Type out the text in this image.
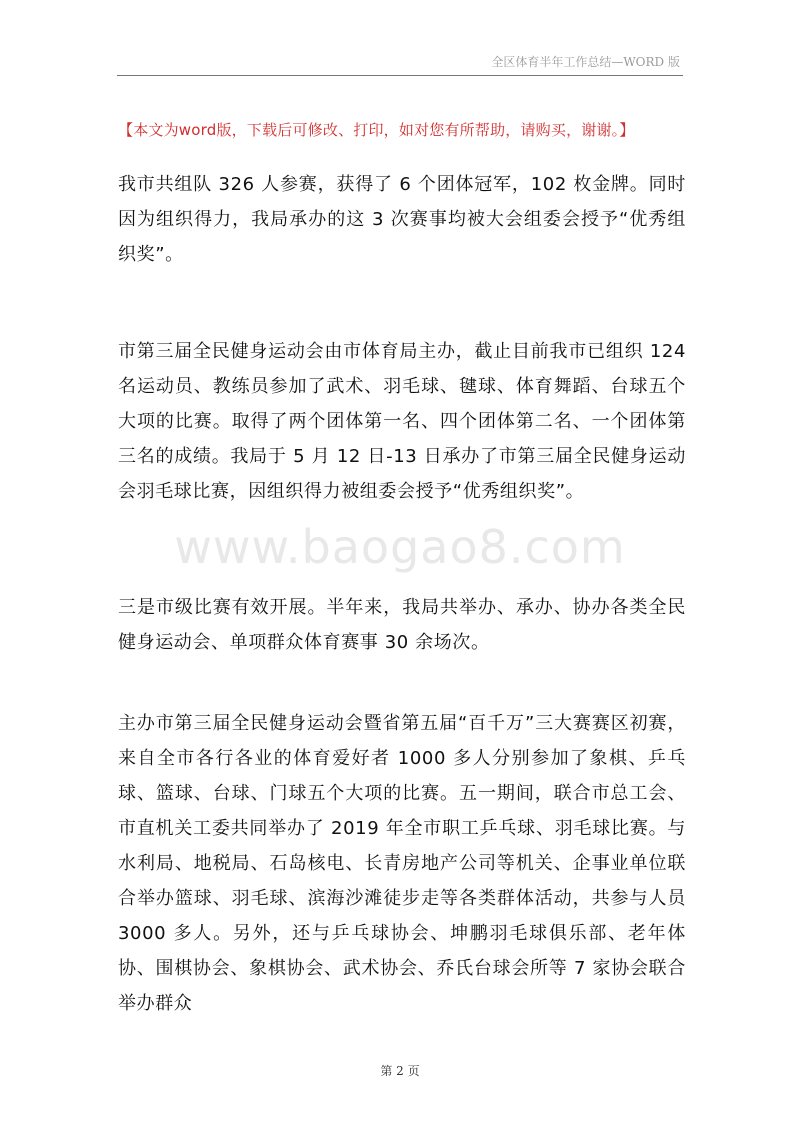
全区体育半年工作总结—WORD 版
www.baogao8.com
【本文为word版，下载后可修改、打印，如对您有所帮助，请购买，谢谢。】

我市共组队 326 人参赛，获得了 6 个团体冠军，102 枚金牌。同时因为组织得力，我局承办的这 3 次赛事均被大会组委会授予“优秀组织奖”。

市第三届全民健身运动会由市体育局主办，截止目前我市已组织 124 名运动员、教练员参加了武术、羽毛球、毽球、体育舞蹈、台球五个大项的比赛。取得了两个团体第一名、四个团体第二名、一个团体第三名的成绩。我局于 5 月 12 日-13 日承办了市第三届全民健身运动会羽毛球比赛，因组织得力被组委会授予“优秀组织奖”。

三是市级比赛有效开展。半年来，我局共举办、承办、协办各类全民健身运动会、单项群众体育赛事 30 余场次。

主办市第三届全民健身运动会暨省第五届“百千万”三大赛赛区初赛，来自全市各行各业的体育爱好者 1000 多人分别参加了象棋、乒乓球、篮球、台球、门球五个大项的比赛。五一期间，联合市总工会、市直机关工委共同举办了 2019 年全市职工乒乓球、羽毛球比赛。与水利局、地税局、石岛核电、长青房地产公司等机关、企事业单位联合举办篮球、羽毛球、滨海沙滩徒步走等各类群体活动，共参与人员 3000 多人。另外，还与乒乓球协会、坤鹏羽毛球俱乐部、老年体协、围棋协会、象棋协会、武术协会、乔氏台球会所等 7 家协会联合举办群众

第 2 页
